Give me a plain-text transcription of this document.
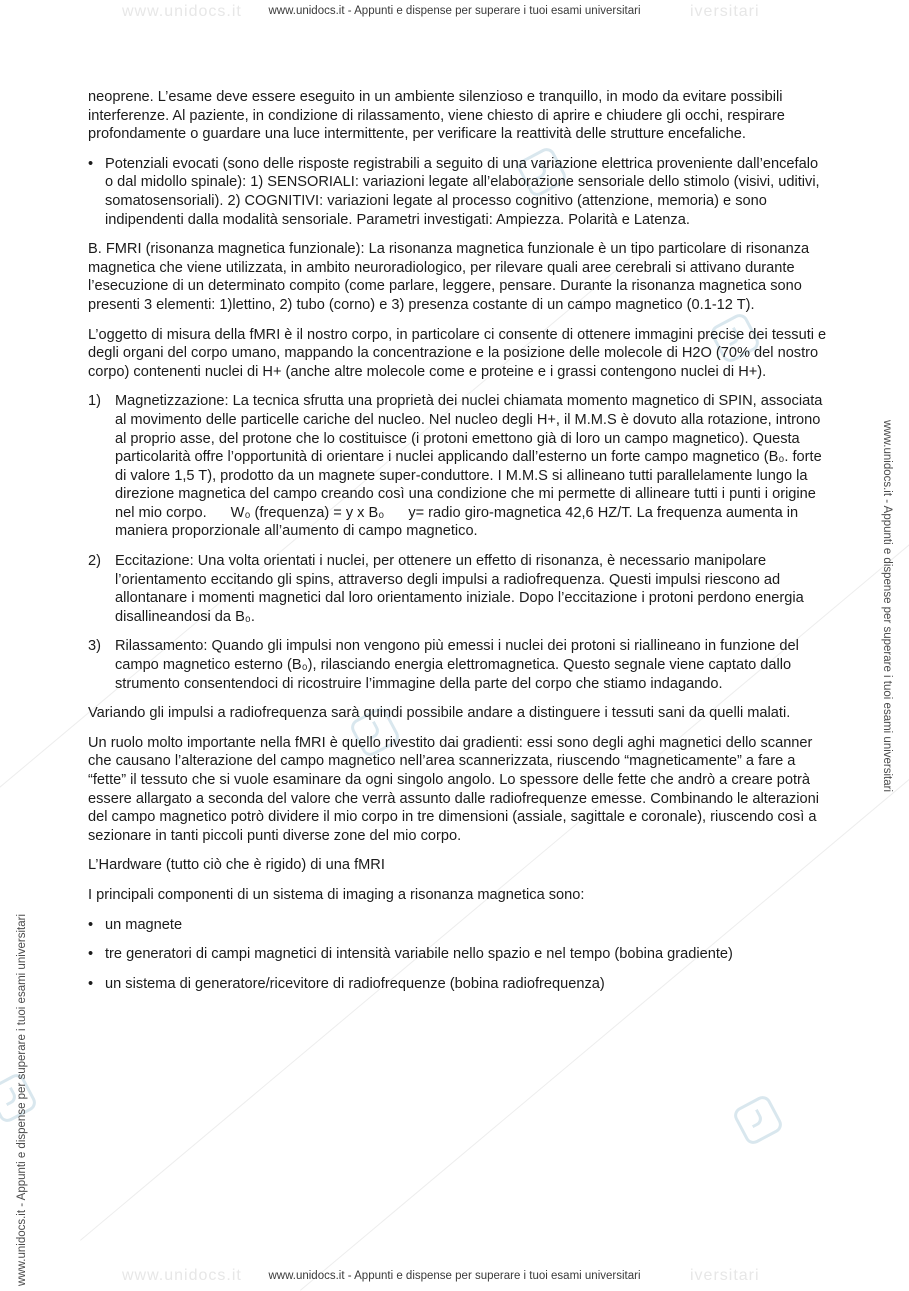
www.unidocs.it	iversitari
www.unidocs.it	iversitari
www.unidocs.it - Appunti e dispense per superare i tuoi esami universitari
www.unidocs.it - Appunti e dispense per superare i tuoi esami universitari
www.unidocs.it - Appunti e dispense per superare i tuoi esami universitari
www.unidocs.it - Appunti e dispense per superare i tuoi esami universitari

neoprene. L’esame deve essere eseguito in un ambiente silenzioso e tranquillo, in modo da evitare possibili interferenze. Al paziente, in condizione di rilassamento, viene chiesto di aprire e chiudere gli occhi, respirare profondamente o guardare una luce intermittente, per verificare la reattività delle strutture encefaliche.

• Potenziali evocati (sono delle risposte registrabili a seguito di una variazione elettrica proveniente dall’encefalo o dal midollo spinale): 1) SENSORIALI: variazioni legate all’elaborazione sensoriale dello stimolo (visivi, uditivi, somatosensoriali). 2) COGNITIVI: variazioni legate al processo cognitivo (attenzione, memoria) e sono indipendenti dalla modalità sensoriale. Parametri investigati: Ampiezza. Polarità e Latenza.

B. FMRI (risonanza magnetica funzionale): La risonanza magnetica funzionale è un tipo particolare di risonanza magnetica che viene utilizzata, in ambito neuroradiologico, per rilevare quali aree cerebrali si attivano durante l’esecuzione di un determinato compito (come parlare, leggere, pensare. Durante la risonanza magnetica sono presenti 3 elementi: 1)lettino, 2) tubo (corno) e 3) presenza costante di un campo magnetico (0.1-12 T).

L’oggetto di misura della fMRI è il nostro corpo, in particolare ci consente di ottenere immagini precise dei tessuti e degli organi del corpo umano, mappando la concentrazione e la posizione delle molecole di H2O (70% del nostro corpo) contenenti nuclei di H+ (anche altre molecole come e proteine e i grassi contengono nuclei di H+).

1) Magnetizzazione: La tecnica sfrutta una proprietà dei nuclei chiamata momento magnetico di SPIN, associata al movimento delle particelle cariche del nucleo. Nel nucleo degli H+, il M.M.S è dovuto alla rotazione, introno al proprio asse, del protone che lo costituisce (i protoni emettono già di loro un campo magnetico). Questa particolarità offre l’opportunità di orientare i nuclei applicando dall’esterno un forte campo magnetico (B₀. forte di valore 1,5 T), prodotto da un magnete super-conduttore. I M.M.S si allineano tutti parallelamente lungo la direzione magnetica del campo creando così una condizione che mi permette di allineare tutti i punti i origine nel mio corpo. W₀ (frequenza) = y x B₀ y= radio giro-magnetica 42,6 HZ/T. La frequenza aumenta in maniera proporzionale all’aumento di campo magnetico.
2) Eccitazione: Una volta orientati i nuclei, per ottenere un effetto di risonanza, è necessario manipolare l’orientamento eccitando gli spins, attraverso degli impulsi a radiofrequenza. Questi impulsi riescono ad allontanare i momenti magnetici dal loro orientamento iniziale. Dopo l’eccitazione i protoni perdono energia disallineandosi da B₀.
3) Rilassamento: Quando gli impulsi non vengono più emessi i nuclei dei protoni si riallineano in funzione del campo magnetico esterno (B₀), rilasciando energia elettromagnetica. Questo segnale viene captato dallo strumento consentendoci di ricostruire l’immagine della parte del corpo che stiamo indagando.

Variando gli impulsi a radiofrequenza sarà quindi possibile andare a distinguere i tessuti sani da quelli malati.

Un ruolo molto importante nella fMRI è quello rivestito dai gradienti: essi sono degli aghi magnetici dello scanner che causano l’alterazione del campo magnetico nell’area scannerizzata, riuscendo “magneticamente” a fare a “fette” il tessuto che si vuole esaminare da ogni singolo angolo. Lo spessore delle fette che andrò a creare potrà essere allargato a seconda del valore che verrà assunto dalle radiofrequenze emesse. Combinando le alterazioni del campo magnetico potrò dividere il mio corpo in tre dimensioni (assiale, sagittale e coronale), riuscendo così a sezionare in tanti piccoli punti diverse zone del mio corpo.

L’Hardware (tutto ciò che è rigido) di una fMRI

I principali componenti di un sistema di imaging a risonanza magnetica sono:

• un magnete
• tre generatori di campi magnetici di intensità variabile nello spazio e nel tempo (bobina gradiente)
• un sistema di generatore/ricevitore di radiofrequenze (bobina radiofrequenza)
